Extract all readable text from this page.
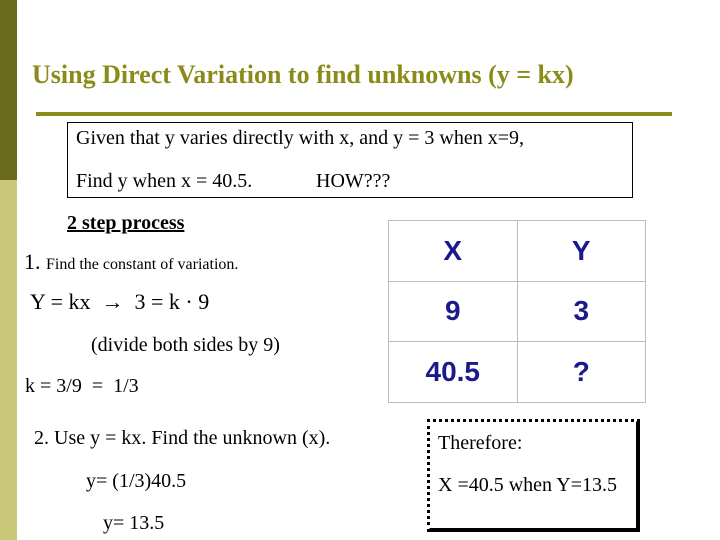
Using Direct Variation to find unknowns (y = kx)
Given that y varies directly with x, and y = 3 when x=9,
Find y when x = 40.5.	HOW???
2 step process
1. Find the constant of variation.
Y = kx  →  3 = k · 9
(divide both sides by 9)
k = 3/9  =  1/3
2. Use y = kx. Find the unknown (x).
y= (1/3)40.5
y= 13.5
X	Y
9	3
40.5	?
Therefore:
X =40.5 when Y=13.5
